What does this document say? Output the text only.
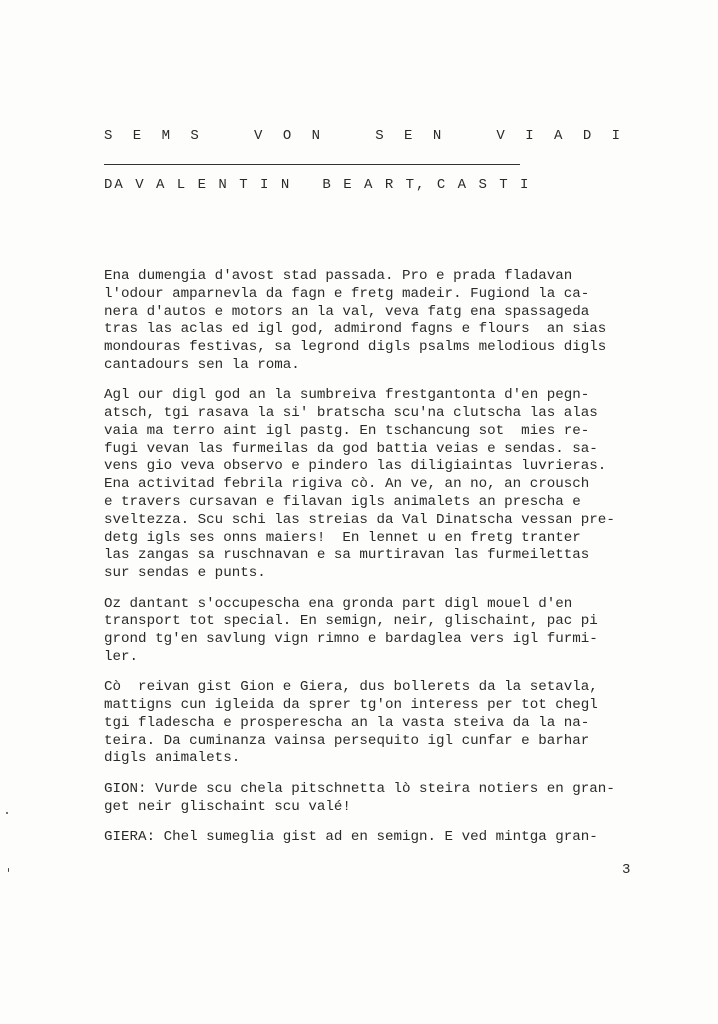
S E M S   V O N   S E N   V I A D I
DA V A L E N T I N   B E A R T, C A S T I

Ena dumengia d'avost stad passada. Pro e prada fladavan
l'odour amparnevla da fagn e fretg madeir. Fugiond la ca-
nera d'autos e motors an la val, veva fatg ena spassageda
tras las aclas ed igl god, admirond fagns e flours  an sias
mondouras festivas, sa legrond digls psalms melodious digls
cantadours sen la roma.

Agl our digl god an la sumbreiva frestgantonta d'en pegn-
atsch, tgi rasava la si' bratscha scu'na clutscha las alas
vaia ma terro aint igl pastg. En tschancung sot  mies re-
fugi vevan las furmeilas da god battia veias e sendas. sa-
vens gio veva observo e pindero las diligiaintas luvrieras.
Ena activitad febrila rigiva cò. An ve, an no, an crousch
e travers cursavan e filavan igls animalets an prescha e
sveltezza. Scu schi las streias da Val Dinatscha vessan pre-
detg igls ses onns maiers!  En lennet u en fretg tranter
las zangas sa ruschnavan e sa murtiravan las furmeilettas
sur sendas e punts.

Oz dantant s'occupescha ena gronda part digl mouel d'en
transport tot special. En semign, neir, glischaint, pac pi
grond tg'en savlung vign rimno e bardaglea vers igl furmi-
ler.

Cò  reivan gist Gion e Giera, dus bollerets da la setavla,
mattigns cun igleida da sprer tg'on interess per tot chegl
tgi fladescha e prosperescha an la vasta steiva da la na-
teira. Da cuminanza vainsa persequito igl cunfar e barhar
digls animalets.

GION: Vurde scu chela pitschnetta lò steira notiers en gran-
get neir glischaint scu valé!

GIERA: Chel sumeglia gist ad en semign. E ved mintga gran-

3
